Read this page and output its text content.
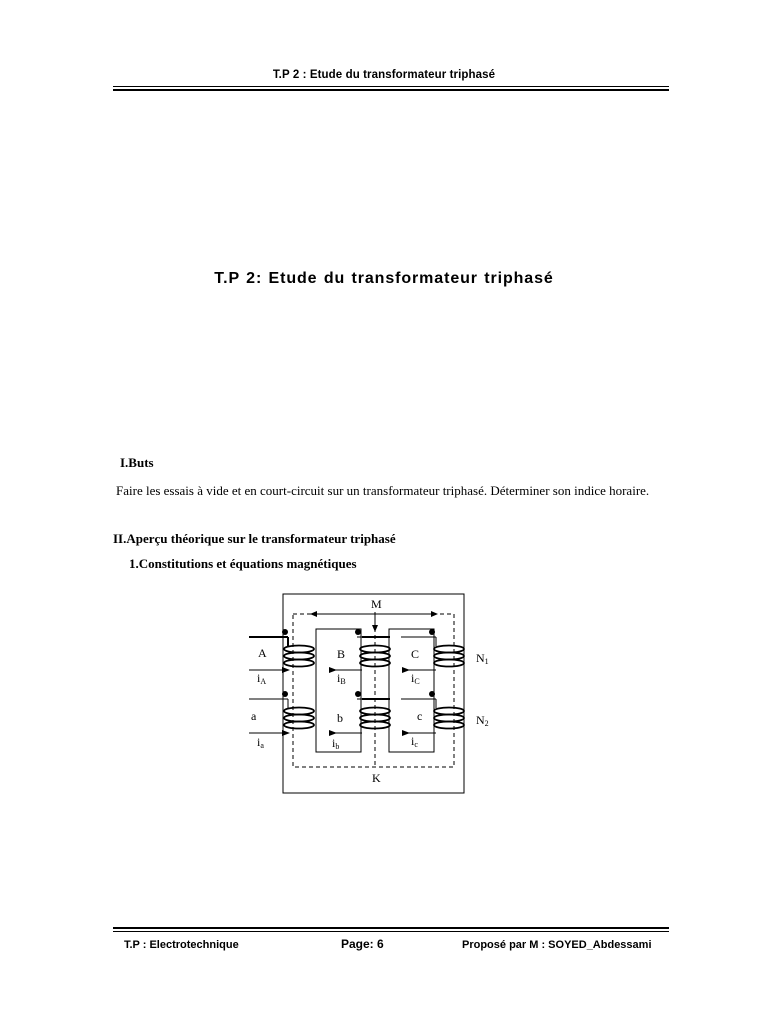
T.P 2 : Etude du transformateur triphasé
T.P 2: Etude du transformateur triphasé
I.Buts
Faire les essais à vide et en court-circuit sur un transformateur triphasé. Déterminer son indice horaire.
II.Aperçu théorique sur le transformateur triphasé
1.Constitutions et équations magnétiques
M
K
A	B	C
a	b	c
iA	iB	iC
ia	ib	ic
N1
N2
T.P : Electrotechnique	Page: 6	Proposé par M : SOYED_Abdessami
